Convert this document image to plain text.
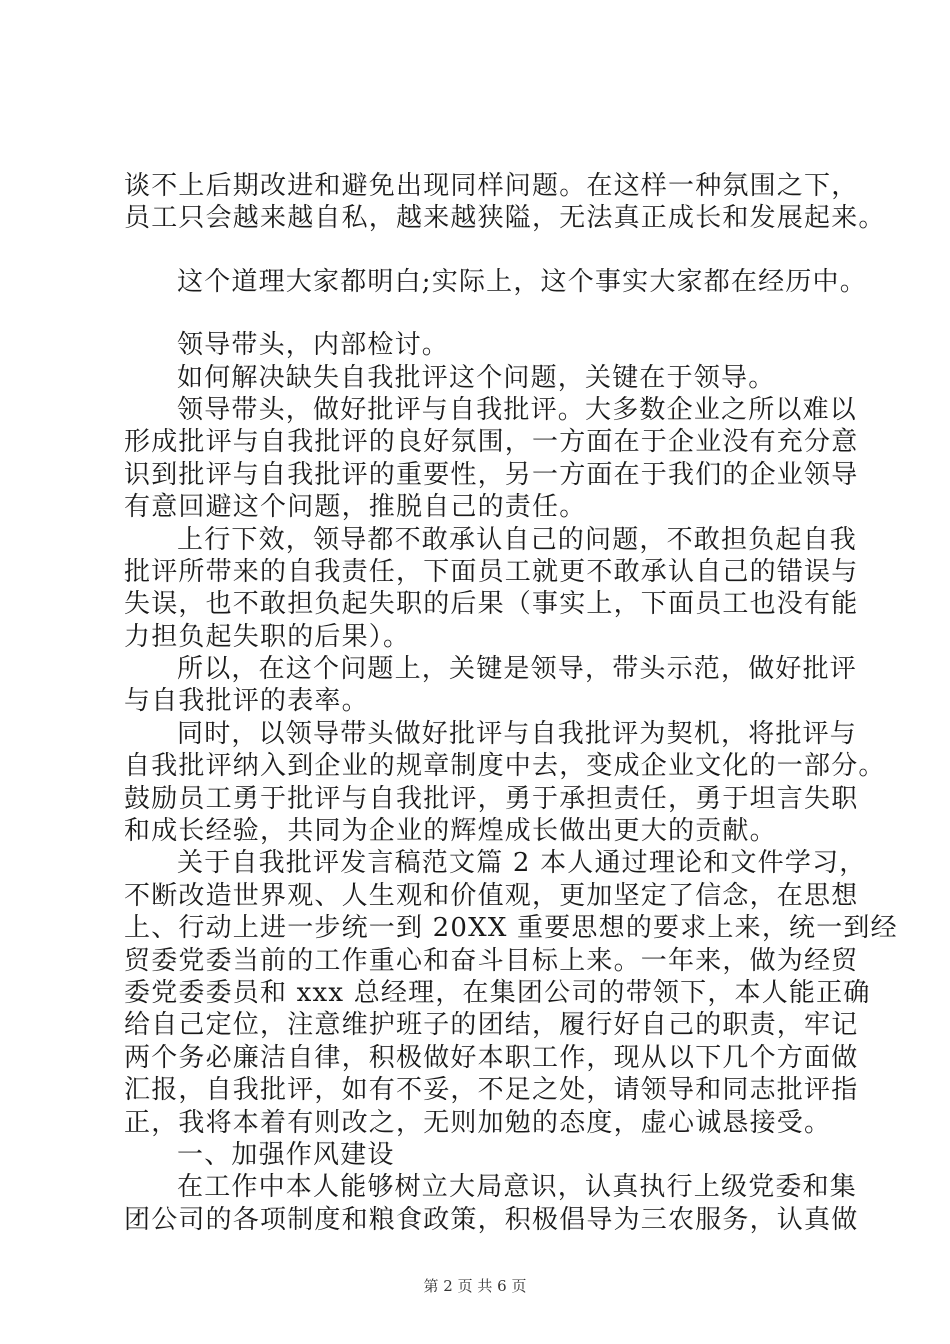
谈不上后期改进和避免出现同样问题。在这样一种氛围之下，
员工只会越来越自私，越来越狭隘，无法真正成长和发展起来。
这个道理大家都明白;实际上，这个事实大家都在经历中。
领导带头，内部检讨。
如何解决缺失自我批评这个问题，关键在于领导。
领导带头，做好批评与自我批评。大多数企业之所以难以
形成批评与自我批评的良好氛围，一方面在于企业没有充分意
识到批评与自我批评的重要性，另一方面在于我们的企业领导
有意回避这个问题，推脱自己的责任。
上行下效，领导都不敢承认自己的问题，不敢担负起自我
批评所带来的自我责任，下面员工就更不敢承认自己的错误与
失误，也不敢担负起失职的后果（事实上，下面员工也没有能
力担负起失职的后果）。
所以，在这个问题上，关键是领导，带头示范，做好批评
与自我批评的表率。
同时，以领导带头做好批评与自我批评为契机，将批评与
自我批评纳入到企业的规章制度中去，变成企业文化的一部分。
鼓励员工勇于批评与自我批评，勇于承担责任，勇于坦言失职
和成长经验，共同为企业的辉煌成长做出更大的贡献。
关于自我批评发言稿范文篇 2 本人通过理论和文件学习，
不断改造世界观、人生观和价值观，更加坚定了信念，在思想
上、行动上进一步统一到 20XX 重要思想的要求上来，统一到经
贸委党委当前的工作重心和奋斗目标上来。一年来，做为经贸
委党委委员和 xxx 总经理，在集团公司的带领下，本人能正确
给自己定位，注意维护班子的团结，履行好自己的职责，牢记
两个务必廉洁自律，积极做好本职工作，现从以下几个方面做
汇报，自我批评，如有不妥，不足之处，请领导和同志批评指
正，我将本着有则改之，无则加勉的态度，虚心诚恳接受。
一、加强作风建设
在工作中本人能够树立大局意识，认真执行上级党委和集
团公司的各项制度和粮食政策，积极倡导为三农服务，认真做
第 2 页 共 6 页
